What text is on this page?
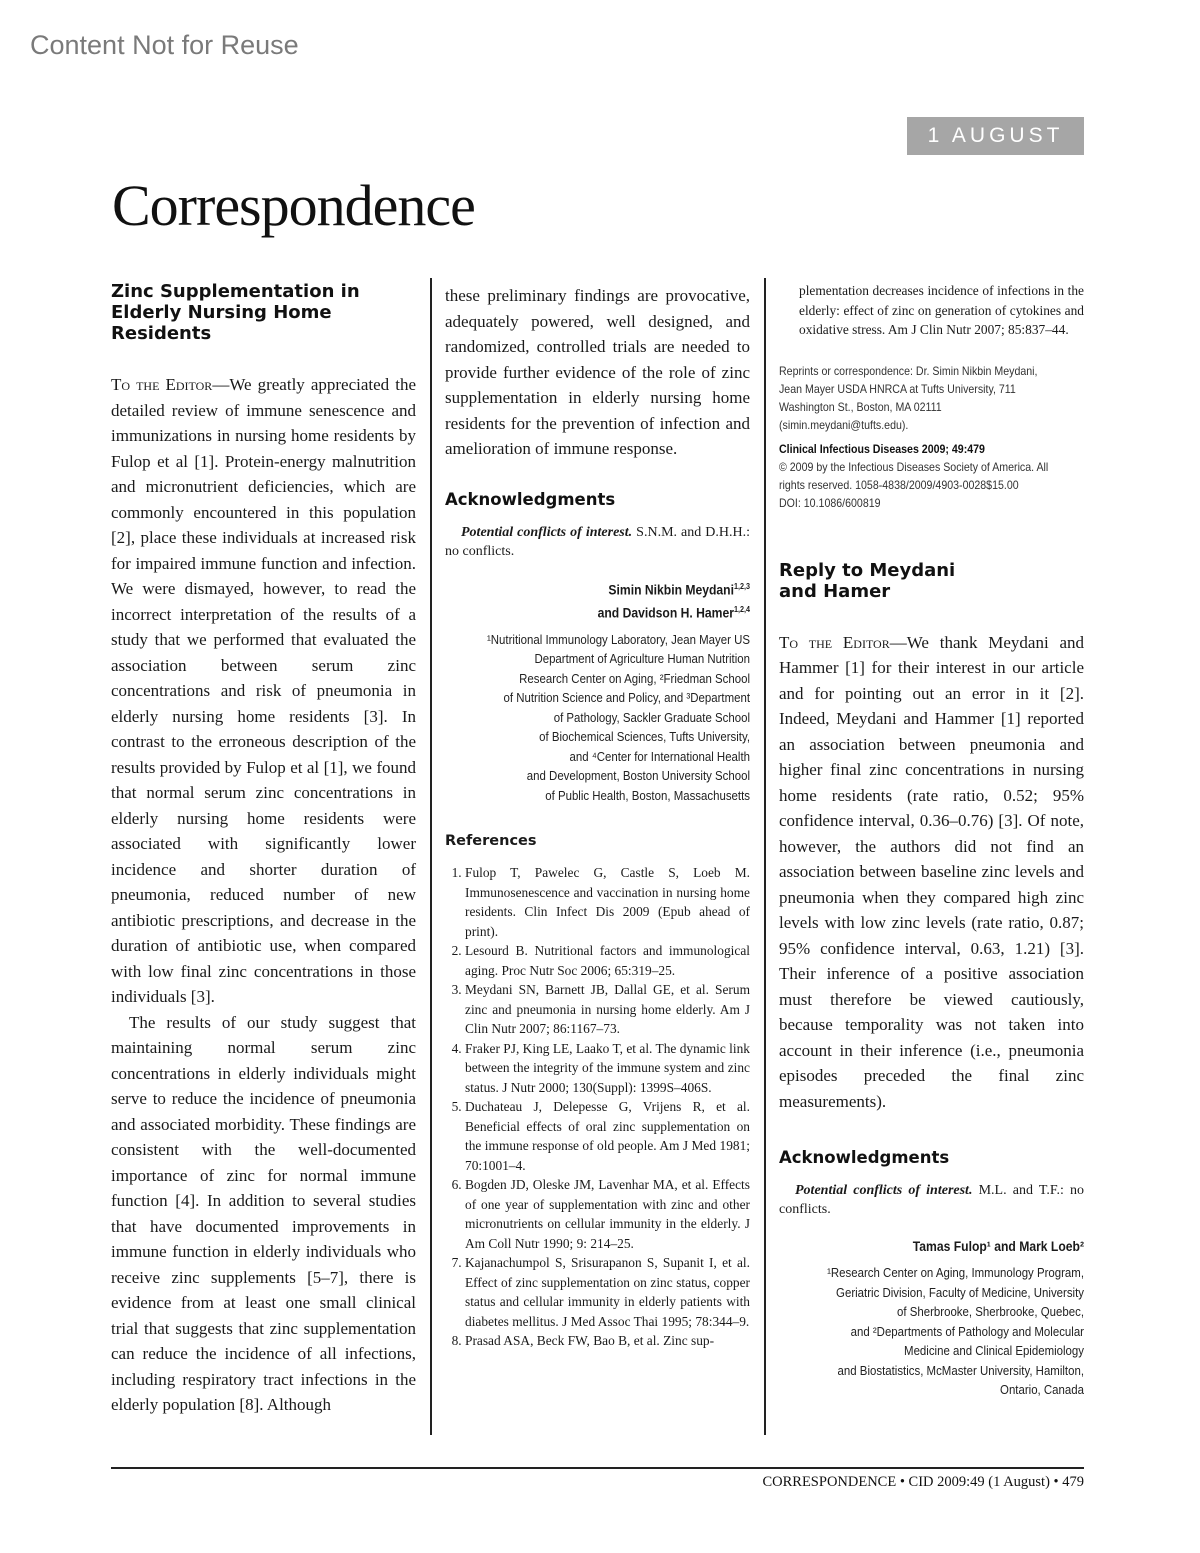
Content Not for Reuse
1 AUGUST
Correspondence
Zinc Supplementation in Elderly Nursing Home Residents

To the Editor—We greatly appreciated the detailed review of immune senescence and immunizations in nursing home residents by Fulop et al [1]. Protein-energy malnutrition and micronutrient deficiencies, which are commonly encountered in this population [2], place these individuals at increased risk for impaired immune function and infection. We were dismayed, however, to read the incorrect interpretation of the results of a study that we performed that evaluated the association between serum zinc concentrations and risk of pneumonia in elderly nursing home residents [3]. In contrast to the erroneous description of the results provided by Fulop et al [1], we found that normal serum zinc concentrations in elderly nursing home residents were associated with significantly lower incidence and shorter duration of pneumonia, reduced number of new antibiotic prescriptions, and decrease in the duration of antibiotic use, when compared with low final zinc concentrations in those individuals [3].

The results of our study suggest that maintaining normal serum zinc concentrations in elderly individuals might serve to reduce the incidence of pneumonia and associated morbidity. These findings are consistent with the well-documented importance of zinc for normal immune function [4]. In addition to several studies that have documented improvements in immune function in elderly individuals who receive zinc supplements [5–7], there is evidence from at least one small clinical trial that suggests that zinc supplementation can reduce the incidence of all infections, including respiratory tract infections in the elderly population [8]. Although

these preliminary findings are provocative, adequately powered, well designed, and randomized, controlled trials are needed to provide further evidence of the role of zinc supplementation in elderly nursing home residents for the prevention of infection and amelioration of immune response.

Acknowledgments

Potential conflicts of interest. S.N.M. and D.H.H.: no conflicts.

Simin Nikbin Meydani$^{1,2,3}$

and Davidson H. Hamer$^{1,2,4}$

¹Nutritional Immunology Laboratory, Jean Mayer US

Department of Agriculture Human Nutrition

Research Center on Aging, ²Friedman School

of Nutrition Science and Policy, and ³Department

of Pathology, Sackler Graduate School

of Biochemical Sciences, Tufts University,

and ⁴Center for International Health

and Development, Boston University School

of Public Health, Boston, Massachusetts

References
1. Fulop T, Pawelec G, Castle S, Loeb M. Immunosenescence and vaccination in nursing home residents. Clin Infect Dis 2009 (Epub ahead of print).
2. Lesourd B. Nutritional factors and immunological aging. Proc Nutr Soc 2006; 65:319–25.
3. Meydani SN, Barnett JB, Dallal GE, et al. Serum zinc and pneumonia in nursing home elderly. Am J Clin Nutr 2007; 86:1167–73.
4. Fraker PJ, King LE, Laako T, et al. The dynamic link between the integrity of the immune system and zinc status. J Nutr 2000; 130(Suppl): 1399S–406S.
5. Duchateau J, Delepesse G, Vrijens R, et al. Beneficial effects of oral zinc supplementation on the immune response of old people. Am J Med 1981; 70:1001–4.
6. Bogden JD, Oleske JM, Lavenhar MA, et al. Effects of one year of supplementation with zinc and other micronutrients on cellular immunity in the elderly. J Am Coll Nutr 1990; 9: 214–25.
7. Kajanachumpol S, Srisurapanon S, Supanit I, et al. Effect of zinc supplementation on zinc status, copper status and cellular immunity in elderly patients with diabetes mellitus. J Med Assoc Thai 1995; 78:344–9.
8. Prasad ASA, Beck FW, Bao B, et al. Zinc sup-

plementation decreases incidence of infections in the elderly: effect of zinc on generation of cytokines and oxidative stress. Am J Clin Nutr 2007; 85:837–44.

Reprints or correspondence: Dr. Simin Nikbin Meydani, Jean Mayer USDA HNRCA at Tufts University, 711 Washington St., Boston, MA 02111 (simin.meydani@tufts.edu).

Clinical Infectious Diseases 2009; 49:479

© 2009 by the Infectious Diseases Society of America. All rights reserved. 1058-4838/2009/4903-0028$15.00

DOI: 10.1086/600819

Reply to Meydani and Hamer

To the Editor—We thank Meydani and Hammer [1] for their interest in our article and for pointing out an error in it [2]. Indeed, Meydani and Hammer [1] reported an association between pneumonia and higher final zinc concentrations in nursing home residents (rate ratio, 0.52; 95% confidence interval, 0.36–0.76) [3]. Of note, however, the authors did not find an association between baseline zinc levels and pneumonia when they compared high zinc levels with low zinc levels (rate ratio, 0.87; 95% confidence interval, 0.63, 1.21) [3]. Their inference of a positive association must therefore be viewed cautiously, because temporality was not taken into account in their inference (i.e., pneumonia episodes preceded the final zinc measurements).

Acknowledgments

Potential conflicts of interest. M.L. and T.F.: no conflicts.

Tamas Fulop¹ and Mark Loeb²

¹Research Center on Aging, Immunology Program,

Geriatric Division, Faculty of Medicine, University

of Sherbrooke, Sherbrooke, Quebec,

and ²Departments of Pathology and Molecular

Medicine and Clinical Epidemiology

and Biostatistics, McMaster University, Hamilton,

Ontario, Canada

CORRESPONDENCE • CID 2009:49 (1 August) • 479
